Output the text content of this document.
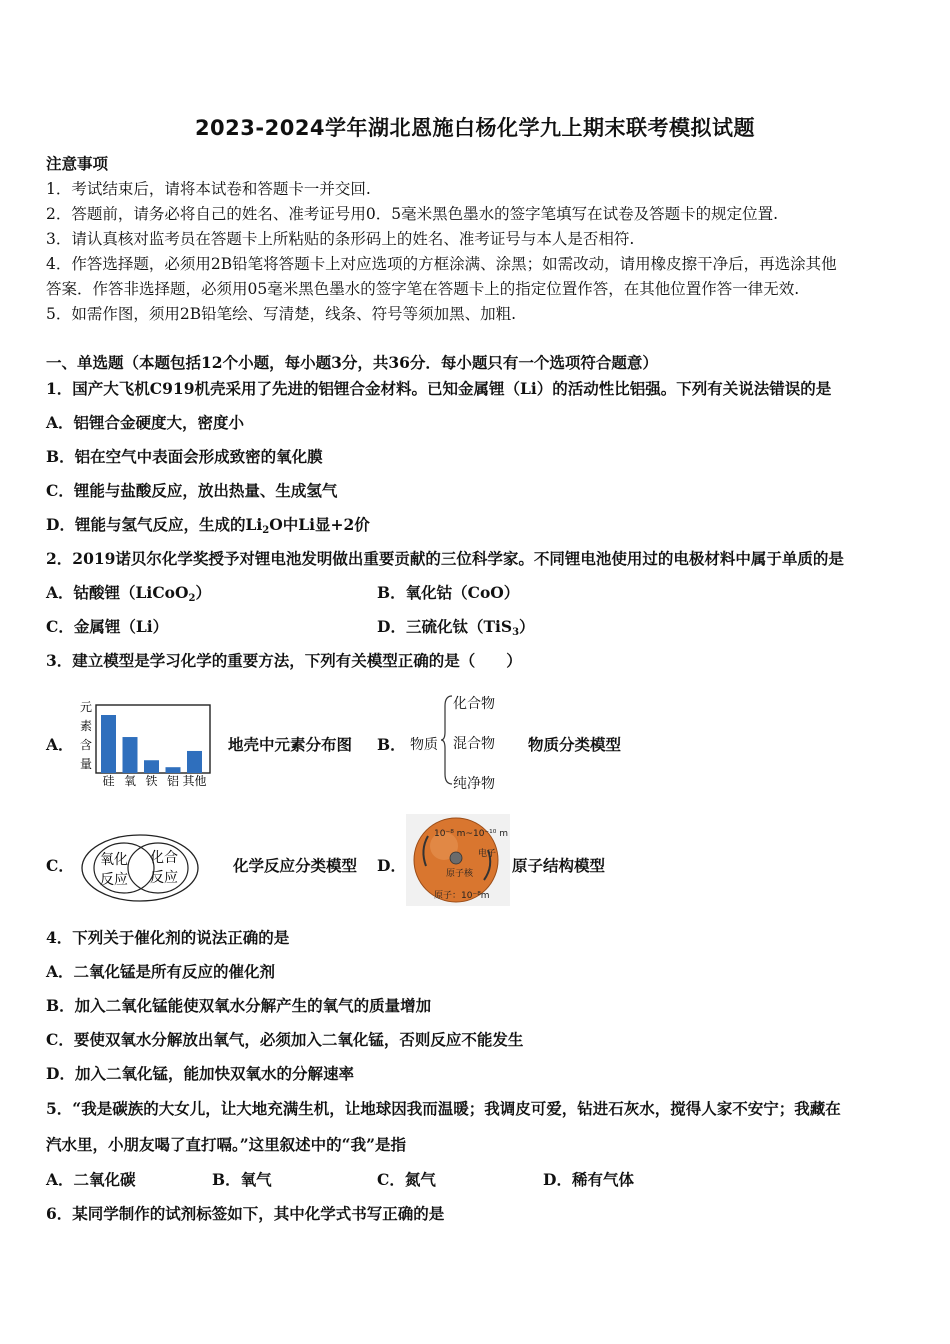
2023-2024学年湖北恩施白杨化学九上期末联考模拟试题
注意事项
1．考试结束后，请将本试卷和答题卡一并交回.
2．答题前，请务必将自己的姓名、准考证号用0．5毫米黑色墨水的签字笔填写在试卷及答题卡的规定位置.
3．请认真核对监考员在答题卡上所粘贴的条形码上的姓名、准考证号与本人是否相符.
4．作答选择题，必须用2B铅笔将答题卡上对应选项的方框涂满、涂黑；如需改动，请用橡皮擦干净后，再选涂其他
答案．作答非选择题，必须用05毫米黑色墨水的签字笔在答题卡上的指定位置作答，在其他位置作答一律无效.
5．如需作图，须用2B铅笔绘、写清楚，线条、符号等须加黑、加粗.
一、单选题（本题包括12个小题，每小题3分，共36分．每小题只有一个选项符合题意）
1．国产大飞机C919机壳采用了先进的铝锂合金材料。已知金属锂（Li）的活动性比铝强。下列有关说法错误的是
A．铝锂合金硬度大，密度小
B．铝在空气中表面会形成致密的氧化膜
C．锂能与盐酸反应，放出热量、生成氢气
D．锂能与氢气反应，生成的$Li_2O$中Li显+2价
2．2019诺贝尔化学奖授予对锂电池发明做出重要贡献的三位科学家。不同锂电池使用过的电极材料中属于单质的是
A．钴酸锂（LiCoO$_2$）	B．氧化钴（CoO）
C．金属锂（Li）	D．三硫化钛（TiS$_3$）
3．建立模型是学习化学的重要方法，下列有关模型正确的是（　　）
A．
元
素
含
量
硅 氧 铁 铝 其他
地壳中元素分布图 B． 物质
化合物
混合物
纯净物
物质分类模型
C． 氧化
反应
化合
反应
化学反应分类模型 D．
10⁻⁸ m~10⁻¹⁰ m
原子核
电子
原子：10⁻⁸m
原子结构模型
4．下列关于催化剂的说法正确的是
A．二氧化锰是所有反应的催化剂
B．加入二氧化锰能使双氧水分解产生的氧气的质量增加
C．要使双氧水分解放出氧气，必须加入二氧化锰，否则反应不能发生
D．加入二氧化锰，能加快双氧水的分解速率
5．“我是碳族的大女儿，让大地充满生机，让地球因我而温暖；我调皮可爱，钻进石灰水，搅得人家不安宁；我藏在
汽水里，小朋友喝了直打嗝。”这里叙述中的“我”是指
A．二氧化碳	B．氧气	C．氮气	D．稀有气体
6．某同学制作的试剂标签如下，其中化学式书写正确的是
